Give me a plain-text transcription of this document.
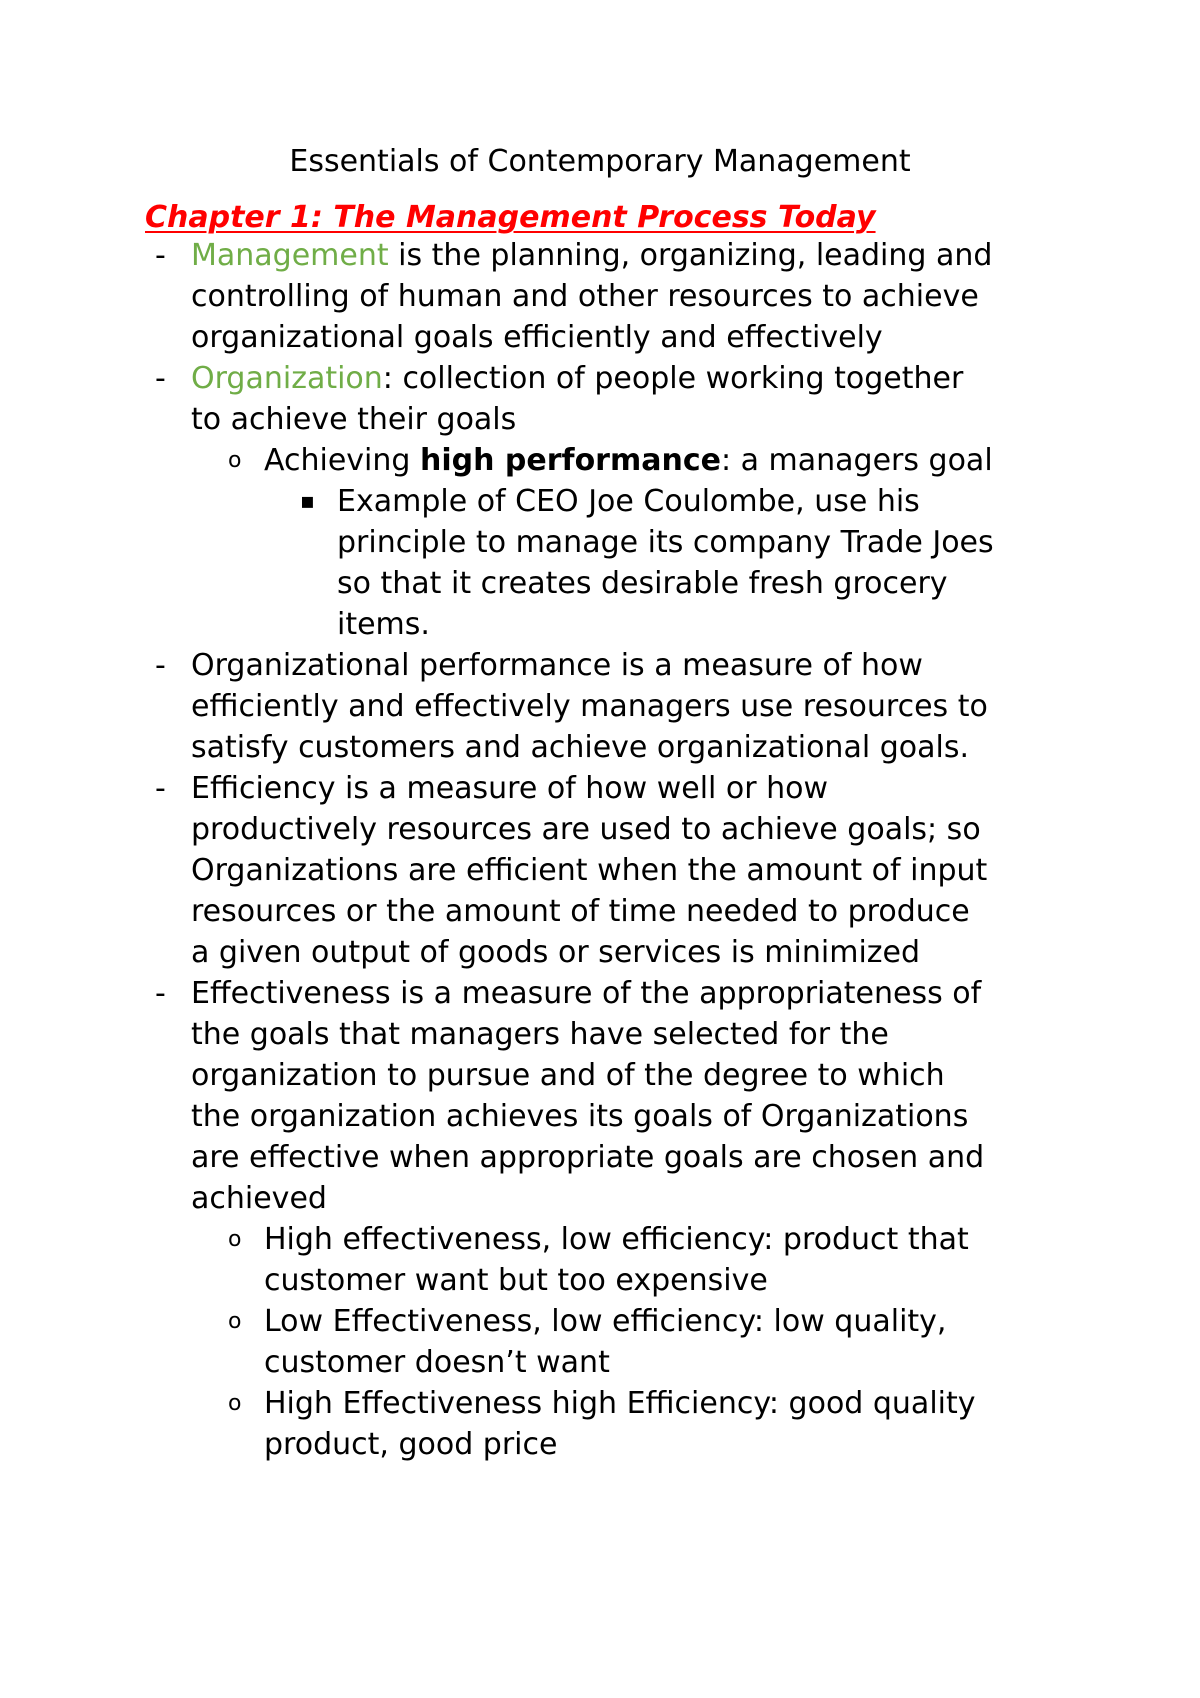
Essentials of Contemporary Management
Chapter 1: The Management Process Today
- Management is the planning, organizing, leading and
controlling of human and other resources to achieve
organizational goals efficiently and effectively
- Organization: collection of people working together
to achieve their goals
o Achieving high performance: a managers goal
▪ Example of CEO Joe Coulombe, use his
principle to manage its company Trade Joes
so that it creates desirable fresh grocery
items.
- Organizational performance is a measure of how
efficiently and effectively managers use resources to
satisfy customers and achieve organizational goals.
- Efficiency is a measure of how well or how
productively resources are used to achieve goals; so
Organizations are efficient when the amount of input
resources or the amount of time needed to produce
a given output of goods or services is minimized
- Effectiveness is a measure of the appropriateness of
the goals that managers have selected for the
organization to pursue and of the degree to which
the organization achieves its goals of Organizations
are effective when appropriate goals are chosen and
achieved
o High effectiveness, low efficiency: product that
customer want but too expensive
o Low Effectiveness, low efficiency: low quality,
customer doesn’t want
o High Effectiveness high Efficiency: good quality
product, good price
